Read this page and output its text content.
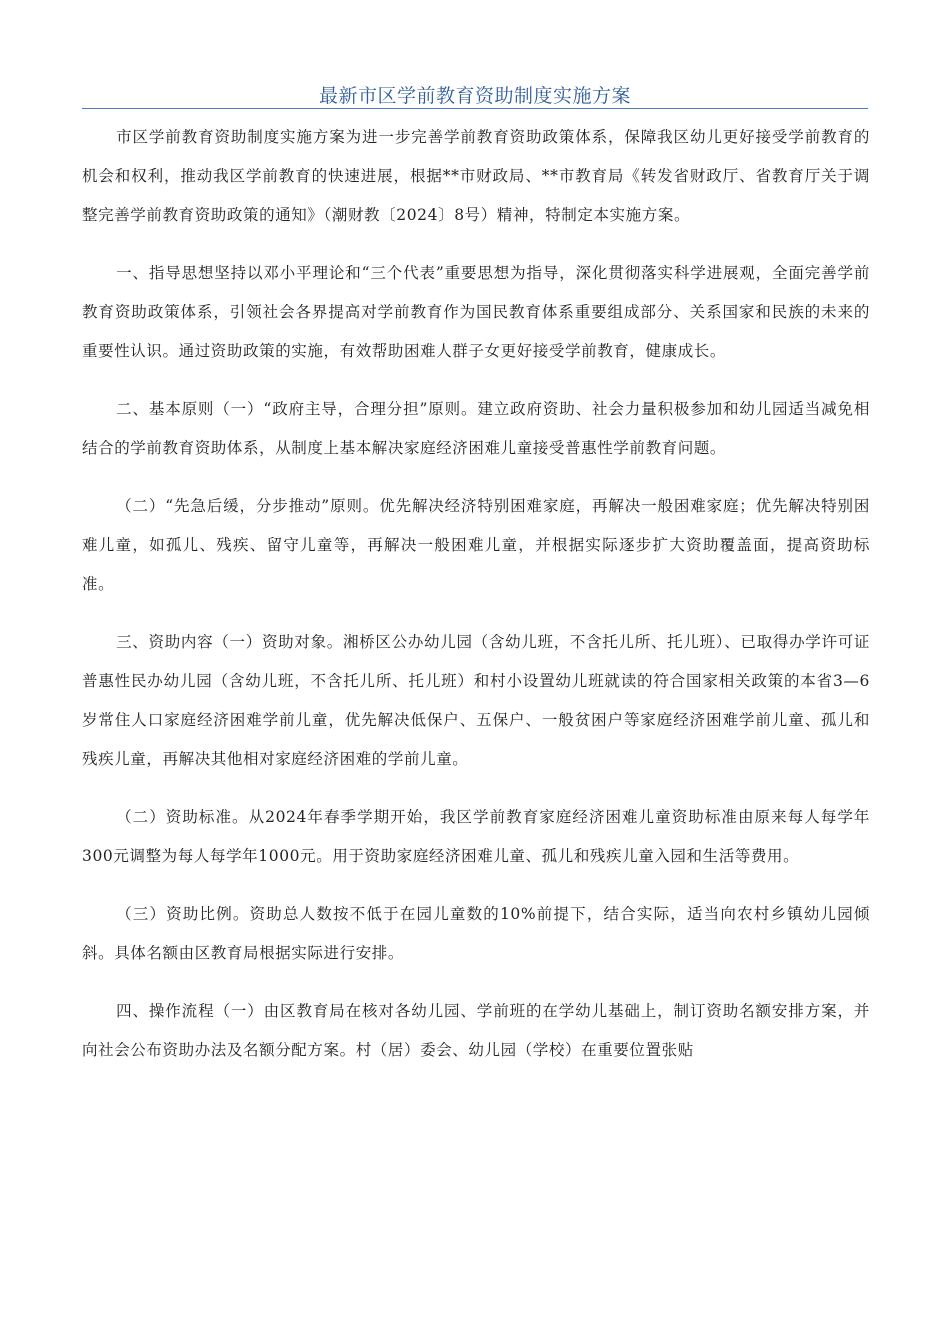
最新市区学前教育资助制度实施方案

市区学前教育资助制度实施方案为进一步完善学前教育资助政策体系，保障我区幼儿更好接受学前教育的机会和权利，推动我区学前教育的快速进展，根据**市财政局、**市教育局《转发省财政厅、省教育厅关于调整完善学前教育资助政策的通知》（潮财教〔2024〕8号）精神，特制定本实施方案。

一、指导思想坚持以邓小平理论和“三个代表”重要思想为指导，深化贯彻落实科学进展观，全面完善学前教育资助政策体系，引领社会各界提高对学前教育作为国民教育体系重要组成部分、关系国家和民族的未来的重要性认识。通过资助政策的实施，有效帮助困难人群子女更好接受学前教育，健康成长。

二、基本原则（一）“政府主导，合理分担”原则。建立政府资助、社会力量积极参加和幼儿园适当减免相结合的学前教育资助体系，从制度上基本解决家庭经济困难儿童接受普惠性学前教育问题。

（二）“先急后缓，分步推动”原则。优先解决经济特别困难家庭，再解决一般困难家庭；优先解决特别困难儿童，如孤儿、残疾、留守儿童等，再解决一般困难儿童，并根据实际逐步扩大资助覆盖面，提高资助标准。

三、资助内容（一）资助对象。湘桥区公办幼儿园（含幼儿班，不含托儿所、托儿班）、已取得办学许可证普惠性民办幼儿园（含幼儿班，不含托儿所、托儿班）和村小设置幼儿班就读的符合国家相关政策的本省3—6岁常住人口家庭经济困难学前儿童，优先解决低保户、五保户、一般贫困户等家庭经济困难学前儿童、孤儿和残疾儿童，再解决其他相对家庭经济困难的学前儿童。

（二）资助标准。从2024年春季学期开始，我区学前教育家庭经济困难儿童资助标准由原来每人每学年300元调整为每人每学年1000元。用于资助家庭经济困难儿童、孤儿和残疾儿童入园和生活等费用。

（三）资助比例。资助总人数按不低于在园儿童数的10%前提下，结合实际，适当向农村乡镇幼儿园倾斜。具体名额由区教育局根据实际进行安排。

四、操作流程（一）由区教育局在核对各幼儿园、学前班的在学幼儿基础上，制订资助名额安排方案，并向社会公布资助办法及名额分配方案。村（居）委会、幼儿园（学校）在重要位置张贴
